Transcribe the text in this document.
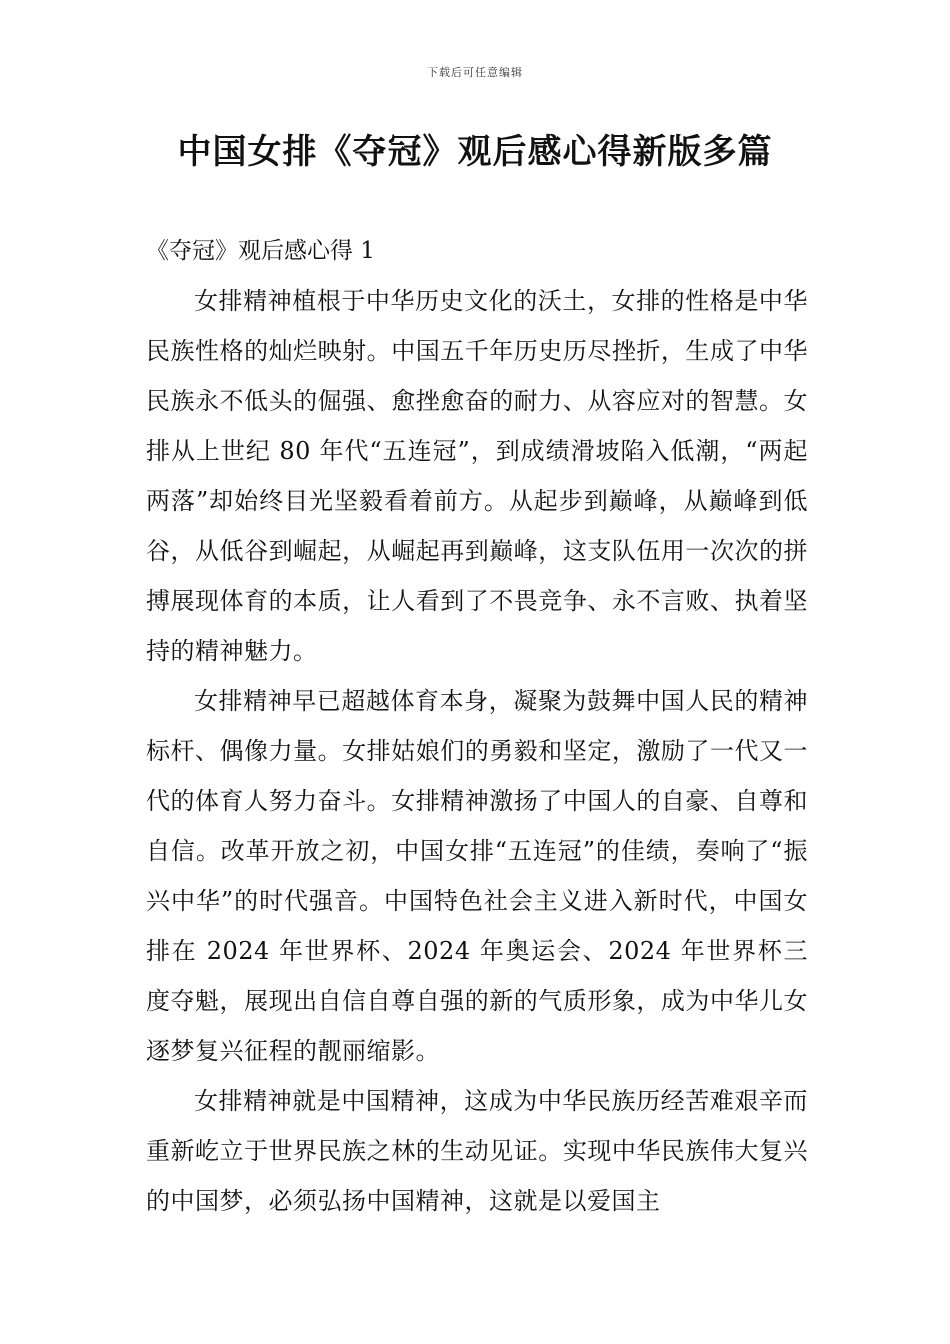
下载后可任意编辑
中国女排《夺冠》观后感心得新版多篇
《夺冠》观后感心得 1

女排精神植根于中华历史文化的沃土，女排的性格是中华民族性格的灿烂映射。中国五千年历史历尽挫折，生成了中华民族永不低头的倔强、愈挫愈奋的耐力、从容应对的智慧。女排从上世纪 80 年代“五连冠”，到成绩滑坡陷入低潮，“两起两落”却始终目光坚毅看着前方。从起步到巅峰，从巅峰到低谷，从低谷到崛起，从崛起再到巅峰，这支队伍用一次次的拼搏展现体育的本质，让人看到了不畏竞争、永不言败、执着坚持的精神魅力。

女排精神早已超越体育本身，凝聚为鼓舞中国人民的精神标杆、偶像力量。女排姑娘们的勇毅和坚定，激励了一代又一代的体育人努力奋斗。女排精神激扬了中国人的自豪、自尊和自信。改革开放之初，中国女排“五连冠”的佳绩，奏响了“振兴中华”的时代强音。中国特色社会主义进入新时代，中国女排在 2024 年世界杯、2024 年奥运会、2024 年世界杯三度夺魁，展现出自信自尊自强的新的气质形象，成为中华儿女逐梦复兴征程的靓丽缩影。

女排精神就是中国精神，这成为中华民族历经苦难艰辛而重新屹立于世界民族之林的生动见证。实现中华民族伟大复兴的中国梦，必须弘扬中国精神，这就是以爱国主
